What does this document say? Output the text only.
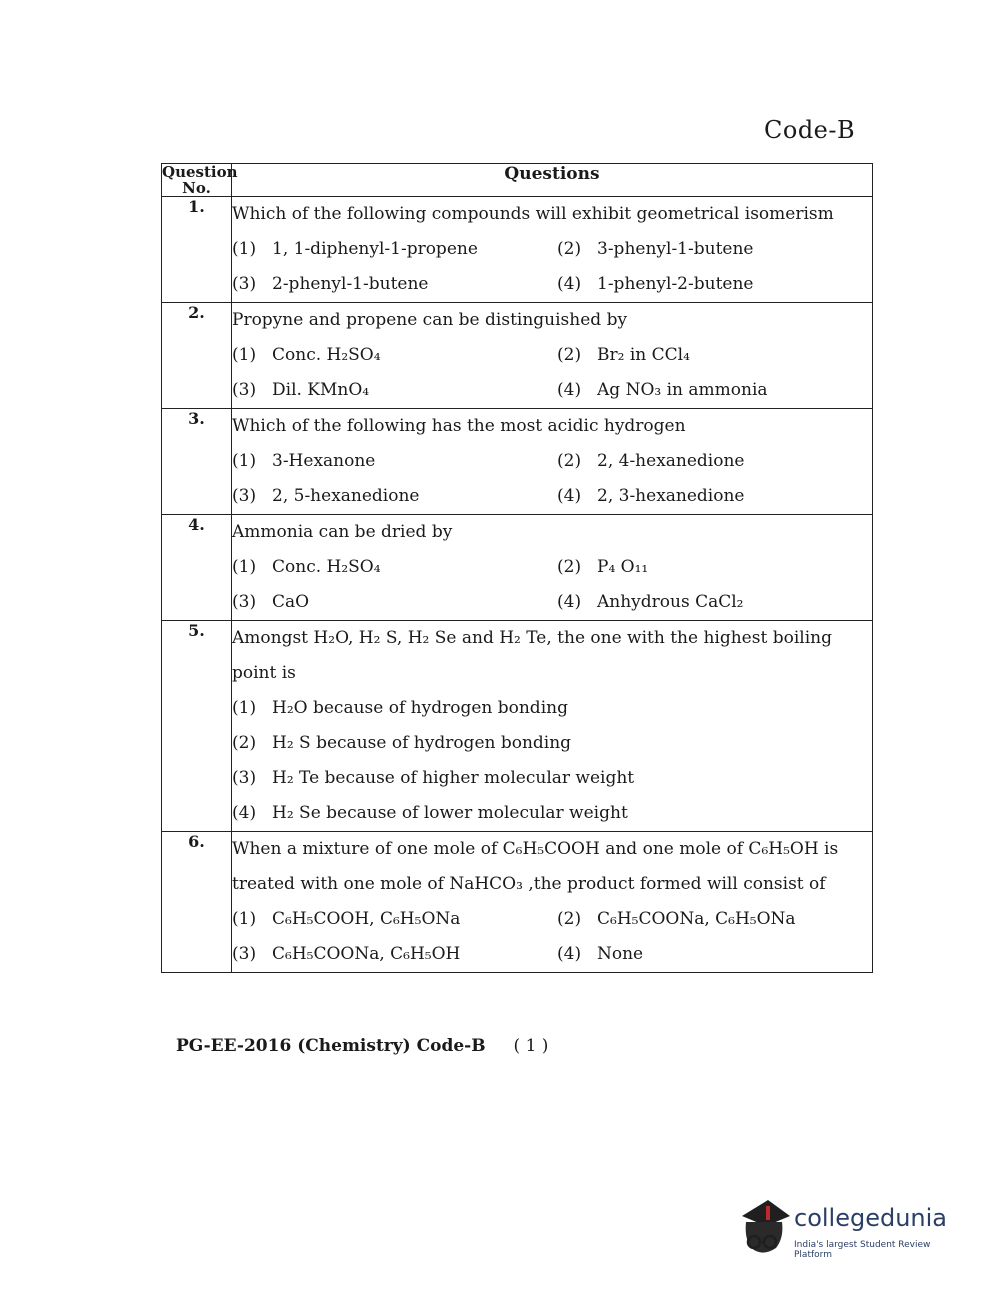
Code-B
Question No.	Questions
1.	Which of the following compounds will exhibit geometrical isomerism

(1) 1, 1-diphenyl-1-propene (2) 3-phenyl-1-butene
(3) 2-phenyl-1-butene (4) 1-phenyl-2-butene

2.	Propyne and propene can be distinguished by

(1) Conc. H₂SO₄ (2) Br₂ in CCl₄
(3) Dil. KMnO₄ (4) Ag NO₃ in ammonia

3.	Which of the following has the most acidic hydrogen

(1) 3-Hexanone (2) 2, 4-hexanedione
(3) 2, 5-hexanedione (4) 2, 3-hexanedione

4.	Ammonia can be dried by

(1) Conc. H₂SO₄ (2) P₄ O₁₁
(3) CaO (4) Anhydrous CaCl₂

5.	Amongst H₂O, H₂ S, H₂ Se and H₂ Te, the one with the highest boiling point is

(1) H₂O because of hydrogen bonding
(2) H₂ S because of hydrogen bonding
(3) H₂ Te because of higher molecular weight
(4) H₂ Se because of lower molecular weight

6.	When a mixture of one mole of C₆H₅COOH and one mole of C₆H₅OH is treated with one mole of NaHCO₃ ,the product formed will consist of

(1) C₆H₅COOH, C₆H₅ONa (2) C₆H₅COONa, C₆H₅ONa
(3) C₆H₅COONa, C₆H₅OH (4) None
PG-EE-2016 (Chemistry) Code-B ( 1 )
collegedunia
India's largest Student Review Platform
